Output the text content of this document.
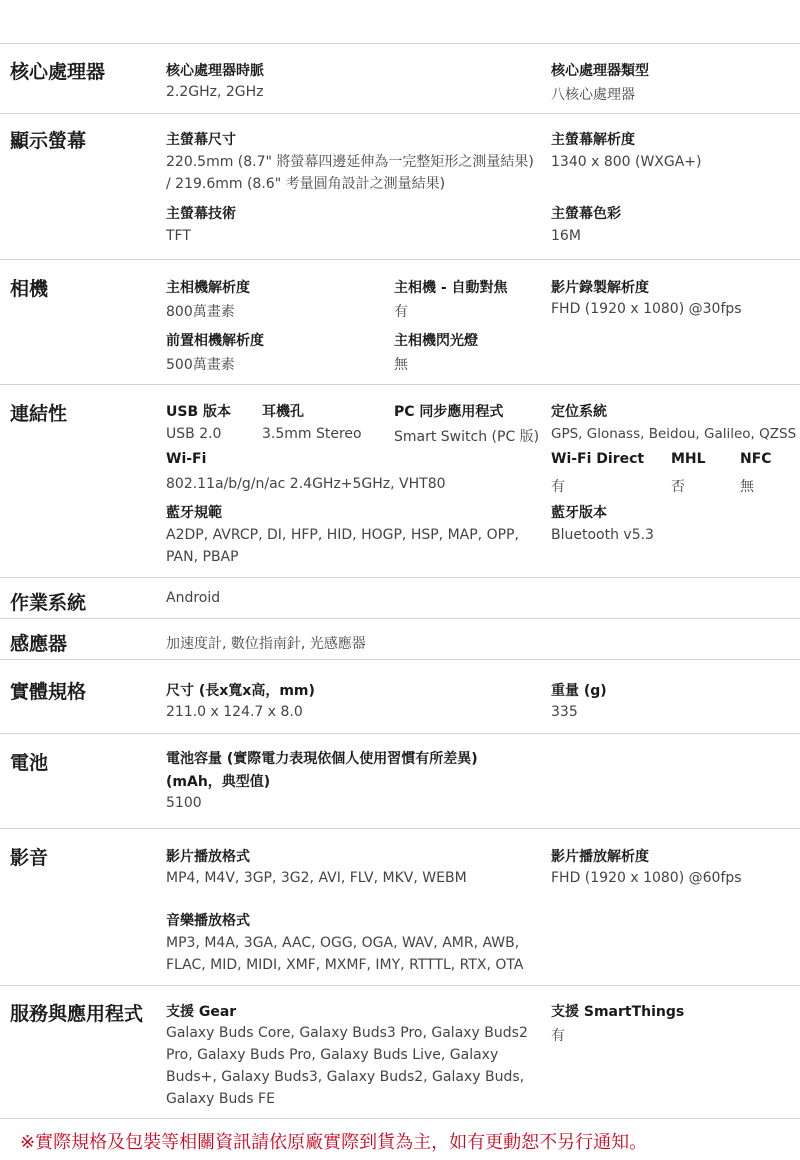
核心處理器	核心處理器時脈
2.2GHz, 2GHz
核心處理器類型
八核心處理器
顯示螢幕	主螢幕尺寸
220.5mm (8.7" 將螢幕四邊延伸為一完整矩形之測量結果) / 219.6mm (8.6" 考量圓角設計之測量結果)
主螢幕解析度
1340 x 800 (WXGA+)
主螢幕技術
TFT
主螢幕色彩
16M
相機	主相機解析度
800萬畫素
主相機 - 自動對焦
有
影片錄製解析度
FHD (1920 x 1080) @30fps
前置相機解析度
500萬畫素
主相機閃光燈
無
連結性	USB 版本
USB 2.0
耳機孔
3.5mm Stereo
PC 同步應用程式
Smart Switch (PC 版)
定位系統
GPS, Glonass, Beidou, Galileo, QZSS
Wi-Fi
802.11a/b/g/n/ac 2.4GHz+5GHz, VHT80
Wi-Fi Direct
有
MHL
否
NFC
無
藍牙規範
A2DP, AVRCP, DI, HFP, HID, HOGP, HSP, MAP, OPP, PAN, PBAP
藍牙版本
Bluetooth v5.3
作業系統	Android
感應器	加速度計, 數位指南針, 光感應器
實體規格	尺寸 (長x寬x高，mm)
211.0 x 124.7 x 8.0
重量 (g)
335
電池	電池容量 (實際電力表現依個人使用習慣有所差異)
(mAh，典型值)
5100
影音	影片播放格式
MP4, M4V, 3GP, 3G2, AVI, FLV, MKV, WEBM
影片播放解析度
FHD (1920 x 1080) @60fps
音樂播放格式
MP3, M4A, 3GA, AAC, OGG, OGA, WAV, AMR, AWB, FLAC, MID, MIDI, XMF, MXMF, IMY, RTTTL, RTX, OTA
服務與應用程式 支援 Gear
Galaxy Buds Core, Galaxy Buds3 Pro, Galaxy Buds2 Pro, Galaxy Buds Pro, Galaxy Buds Live, Galaxy Buds+, Galaxy Buds3, Galaxy Buds2, Galaxy Buds, Galaxy Buds FE
支援 SmartThings
有
※實際規格及包裝等相關資訊請依原廠實際到貨為主，如有更動恕不另行通知。
